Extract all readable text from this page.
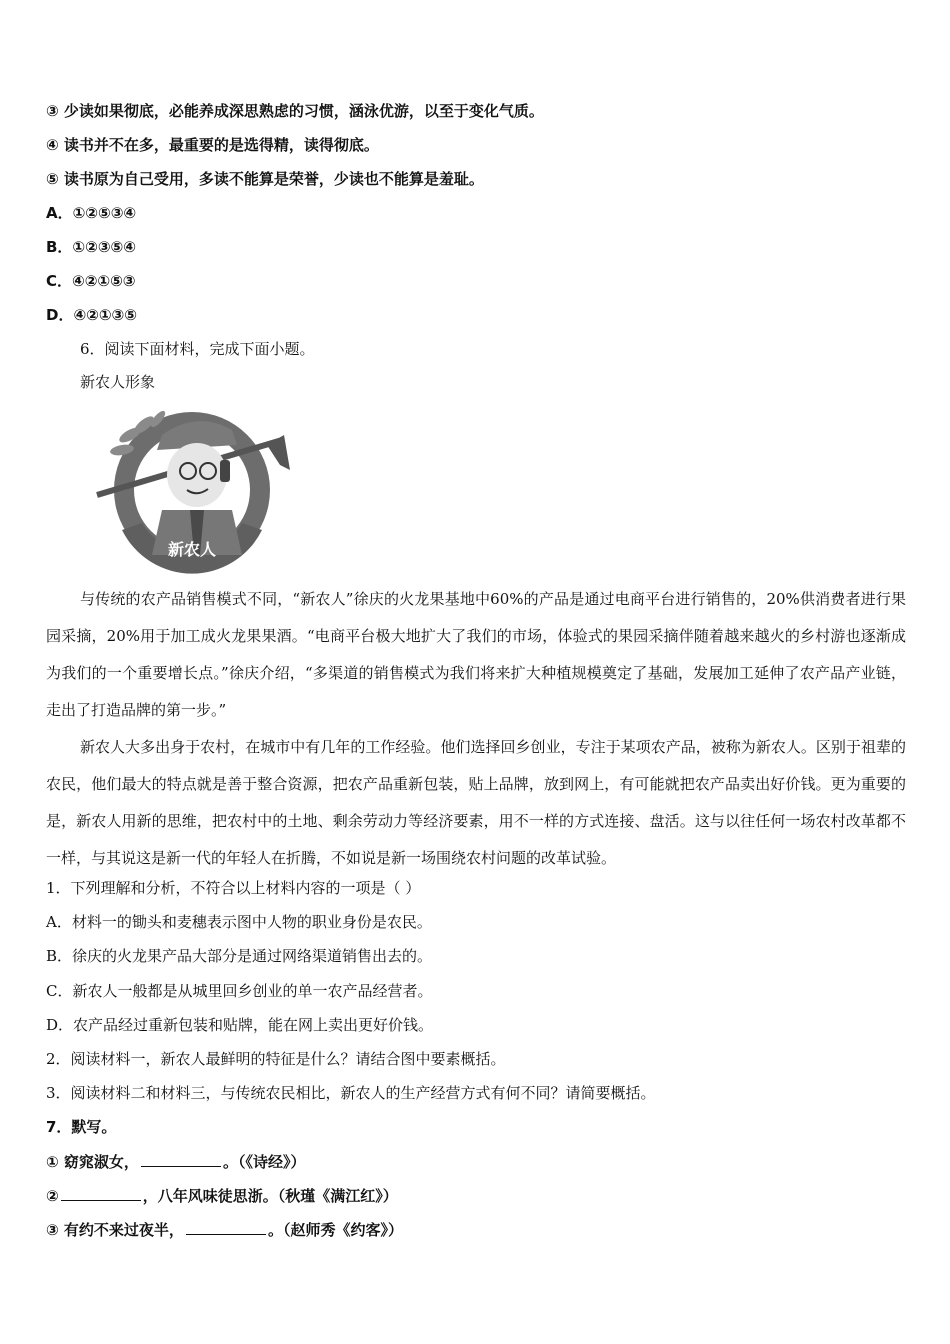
③ 少读如果彻底，必能养成深思熟虑的习惯，涵泳优游，以至于变化气质。
④ 读书并不在多，最重要的是选得精，读得彻底。
⑤ 读书原为自己受用，多读不能算是荣誉，少读也不能算是羞耻。
A．①②⑤③④
B．①②③⑤④
C．④②①⑤③
D．④②①③⑤
6．阅读下面材料，完成下面小题。
新农人形象
新农人
与传统的农产品销售模式不同，“新农人”徐庆的火龙果基地中60%的产品是通过电商平台进行销售的，20%供消费者进行果园采摘，20%用于加工成火龙果果酒。“电商平台极大地扩大了我们的市场，体验式的果园采摘伴随着越来越火的乡村游也逐渐成为我们的一个重要增长点。”徐庆介绍，“多渠道的销售模式为我们将来扩大种植规模奠定了基础，发展加工延伸了农产品产业链，走出了打造品牌的第一步。”
新农人大多出身于农村，在城市中有几年的工作经验。他们选择回乡创业，专注于某项农产品，被称为新农人。区别于祖辈的农民，他们最大的特点就是善于整合资源，把农产品重新包装，贴上品牌，放到网上，有可能就把农产品卖出好价钱。更为重要的是，新农人用新的思维，把农村中的土地、剩余劳动力等经济要素，用不一样的方式连接、盘活。这与以往任何一场农村改革都不一样，与其说这是新一代的年轻人在折腾，不如说是新一场围绕农村问题的改革试验。
1．下列理解和分析，不符合以上材料内容的一项是（ ）
A．材料一的锄头和麦穗表示图中人物的职业身份是农民。
B．徐庆的火龙果产品大部分是通过网络渠道销售出去的。
C．新农人一般都是从城里回乡创业的单一农产品经营者。
D．农产品经过重新包装和贴牌，能在网上卖出更好价钱。
2．阅读材料一，新农人最鲜明的特征是什么？请结合图中要素概括。
3．阅读材料二和材料三，与传统农民相比，新农人的生产经营方式有何不同？请简要概括。
7．默写。
① 窈窕淑女，	。（《诗经》）
②	，八年风味徒思浙。（秋瑾《满江红》）
③ 有约不来过夜半，	。（赵师秀《约客》）
